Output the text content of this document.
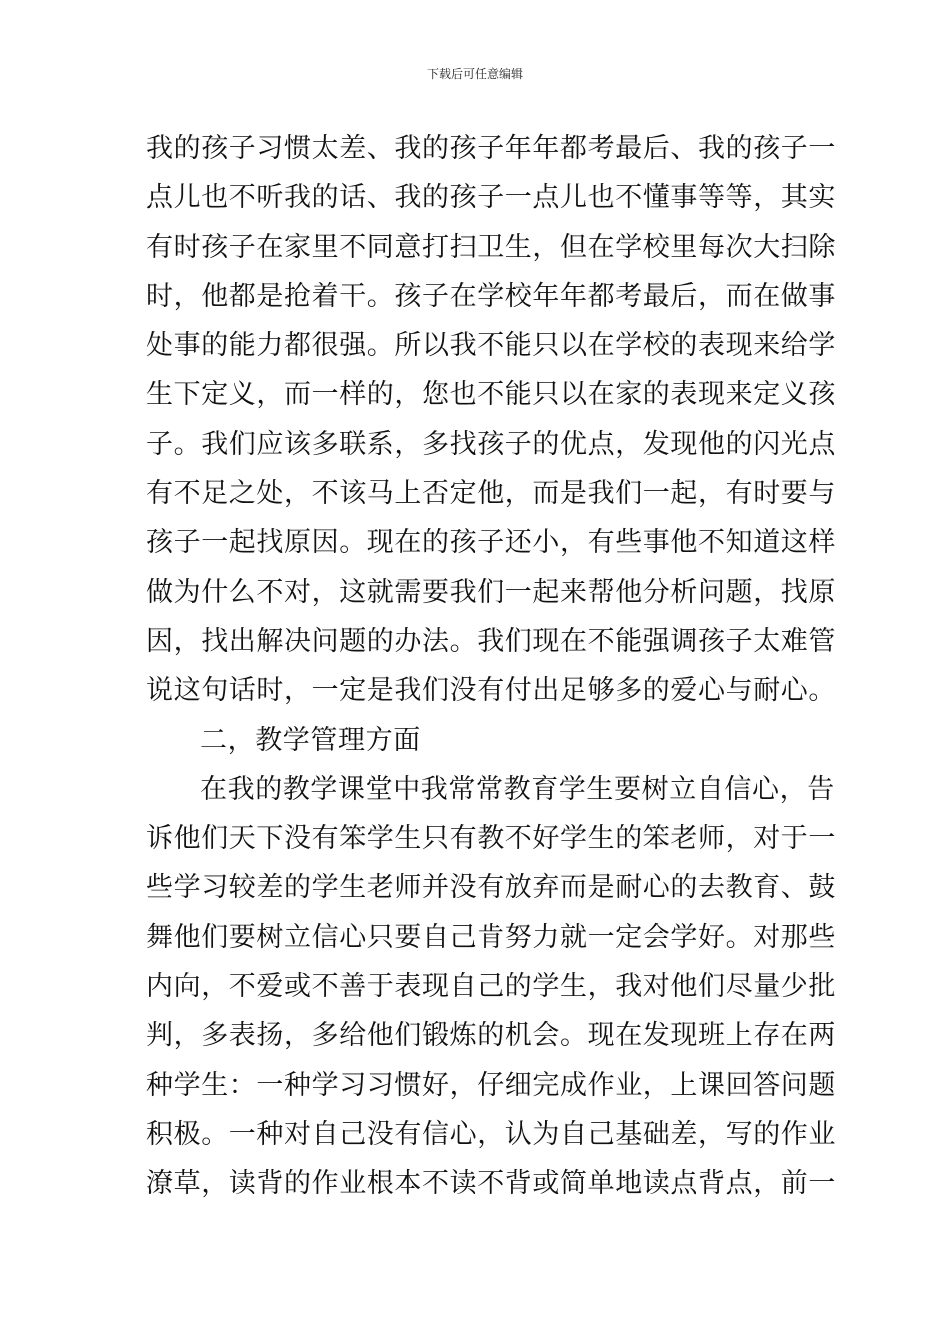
下载后可任意编辑
我的孩子习惯太差、我的孩子年年都考最后、我的孩子一
点儿也不听我的话、我的孩子一点儿也不懂事等等，其实
有时孩子在家里不同意打扫卫生，但在学校里每次大扫除
时，他都是抢着干。孩子在学校年年都考最后，而在做事
处事的能力都很强。所以我不能只以在学校的表现来给学
生下定义，而一样的，您也不能只以在家的表现来定义孩
子。我们应该多联系，多找孩子的优点，发现他的闪光点
有不足之处，不该马上否定他，而是我们一起，有时要与
孩子一起找原因。现在的孩子还小，有些事他不知道这样
做为什么不对，这就需要我们一起来帮他分析问题，找原
因，找出解决问题的办法。我们现在不能强调孩子太难管
说这句话时，一定是我们没有付出足够多的爱心与耐心。
二，教学管理方面
在我的教学课堂中我常常教育学生要树立自信心，告
诉他们天下没有笨学生只有教不好学生的笨老师，对于一
些学习较差的学生老师并没有放弃而是耐心的去教育、鼓
舞他们要树立信心只要自己肯努力就一定会学好。对那些
内向，不爱或不善于表现自己的学生，我对他们尽量少批
判，多表扬，多给他们锻炼的机会。现在发现班上存在两
种学生：一种学习习惯好，仔细完成作业，上课回答问题
积极。一种对自己没有信心，认为自己基础差，写的作业
潦草，读背的作业根本不读不背或简单地读点背点，前一
